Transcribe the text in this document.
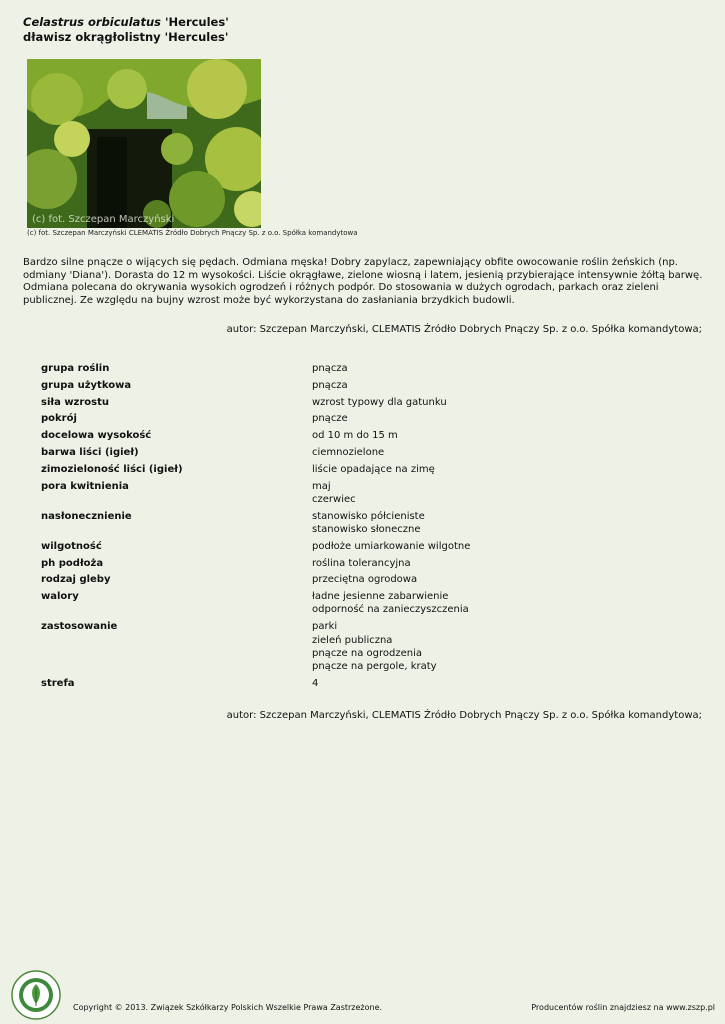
Celastrus orbiculatus 'Hercules'
dławisz okrągłolistny 'Hercules'
(c) fot. Szczepan Marczyński
(c) fot. Szczepan Marczyński CLEMATIS Źródło Dobrych Pnączy Sp. z o.o. Spółka komandytowa
Bardzo silne pnącze o wijących się pędach. Odmiana męska! Dobry zapylacz, zapewniający obfite owocowanie roślin żeńskich (np. odmiany 'Diana'). Dorasta do 12 m wysokości. Liście okrągławe, zielone wiosną i latem, jesienią przybierające intensywnie żółtą barwę. Odmiana polecana do okrywania wysokich ogrodzeń i różnych podpór. Do stosowania w dużych ogrodach, parkach oraz zieleni publicznej. Ze względu na bujny wzrost może być wykorzystana do zasłaniania brzydkich budowli.
autor: Szczepan Marczyński, CLEMATIS Źródło Dobrych Pnączy Sp. z o.o. Spółka komandytowa;
grupa roślin	pnącza
grupa użytkowa	pnącza
siła wzrostu	wzrost typowy dla gatunku
pokrój	pnącze
docelowa wysokość	od 10 m do 15 m
barwa liści (igieł)	ciemnozielone
zimozieloność liści (igieł)	liście opadające na zimę
pora kwitnienia	maj
czerwiec
nasłonecznienie	stanowisko półcieniste
stanowisko słoneczne
wilgotność	podłoże umiarkowanie wilgotne
ph podłoża	roślina tolerancyjna
rodzaj gleby	przeciętna ogrodowa
walory	ładne jesienne zabarwienie
odporność na zanieczyszczenia
zastosowanie	parki
zieleń publiczna
pnącze na ogrodzenia
pnącze na pergole, kraty
strefa	4
autor: Szczepan Marczyński, CLEMATIS Źródło Dobrych Pnączy Sp. z o.o. Spółka komandytowa;
Copyright © 2013. Związek Szkółkarzy Polskich Wszelkie Prawa Zastrzeżone.	Producentów roślin znajdziesz na www.zszp.pl
